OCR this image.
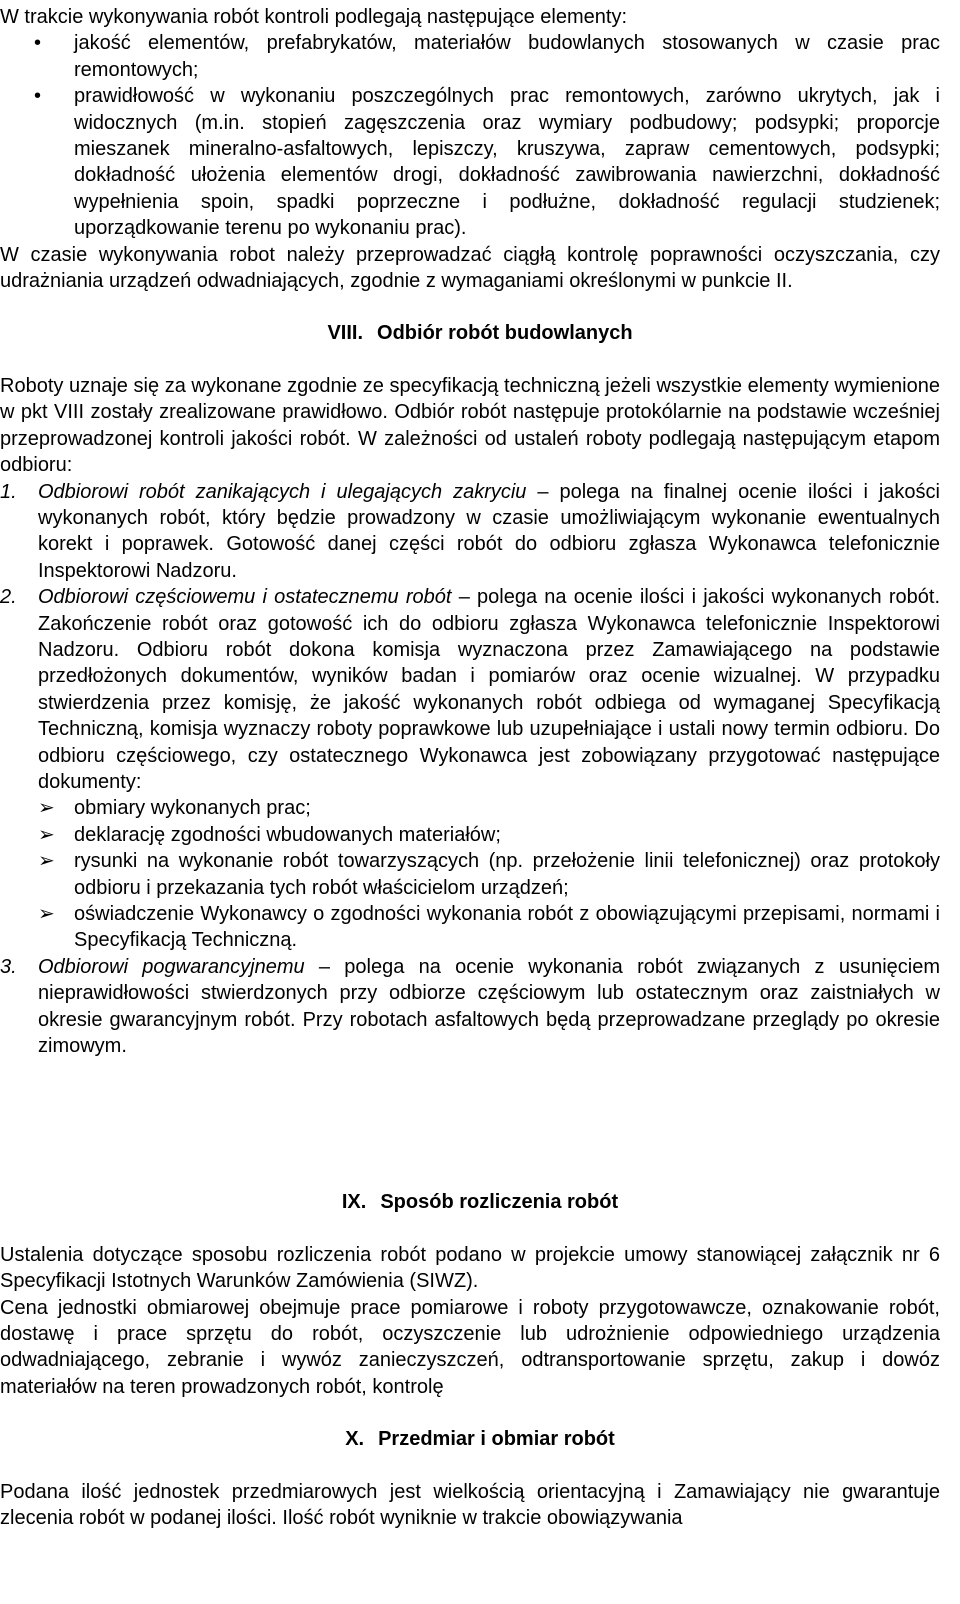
W trakcie wykonywania robót kontroli podlegają następujące elementy:

• jakość elementów, prefabrykatów, materiałów budowlanych stosowanych w czasie prac remontowych;
• prawidłowość w wykonaniu poszczególnych prac remontowych, zarówno ukrytych, jak i widocznych (m.in. stopień zagęszczenia oraz wymiary podbudowy; podsypki; proporcje mieszanek mineralno-asfaltowych, lepiszczy, kruszywa, zapraw cementowych, podsypki; dokładność ułożenia elementów drogi, dokładność zawibrowania nawierzchni, dokładność wypełnienia spoin, spadki poprzeczne i podłużne, dokładność regulacji studzienek; uporządkowanie terenu po wykonaniu prac).

W czasie wykonywania robot należy przeprowadzać ciągłą kontrolę poprawności oczyszczania, czy udrażniania urządzeń odwadniających, zgodnie z wymaganiami określonymi w punkcie II.

VIII. Odbiór robót budowlanych

Roboty uznaje się za wykonane zgodnie ze specyfikacją techniczną jeżeli wszystkie elementy wymienione w pkt VIII zostały zrealizowane prawidłowo. Odbiór robót następuje protokólarnie na podstawie wcześniej przeprowadzonej kontroli jakości robót. W zależności od ustaleń roboty podlegają następującym etapom odbioru:

1. Odbiorowi robót zanikających i ulegających zakryciu – polega na finalnej ocenie ilości i jakości wykonanych robót, który będzie prowadzony w czasie umożliwiającym wykonanie ewentualnych korekt i poprawek. Gotowość danej części robót do odbioru zgłasza Wykonawca telefonicznie Inspektorowi Nadzoru.
2. Odbiorowi częściowemu i ostatecznemu robót – polega na ocenie ilości i jakości wykonanych robót. Zakończenie robót oraz gotowość ich do odbioru zgłasza Wykonawca telefonicznie Inspektorowi Nadzoru. Odbioru robót dokona komisja wyznaczona przez Zamawiającego na podstawie przedłożonych dokumentów, wyników badan i pomiarów oraz ocenie wizualnej. W przypadku stwierdzenia przez komisję, że jakość wykonanych robót odbiega od wymaganej Specyfikacją Techniczną, komisja wyznaczy roboty poprawkowe lub uzupełniające i ustali nowy termin odbioru. Do odbioru częściowego, czy ostatecznego Wykonawca jest zobowiązany przygotować następujące dokumenty:
➢ obmiary wykonanych prac;
➢ deklarację zgodności wbudowanych materiałów;
➢ rysunki na wykonanie robót towarzyszących (np. przełożenie linii telefonicznej) oraz protokoły odbioru i przekazania tych robót właścicielom urządzeń;
➢ oświadczenie Wykonawcy o zgodności wykonania robót z obowiązującymi przepisami, normami i Specyfikacją Techniczną.
3. Odbiorowi pogwarancyjnemu – polega na ocenie wykonania robót związanych z usunięciem nieprawidłowości stwierdzonych przy odbiorze częściowym lub ostatecznym oraz zaistniałych w okresie gwarancyjnym robót. Przy robotach asfaltowych będą przeprowadzane przeglądy po okresie zimowym.
IX. Sposób rozliczenia robót

Ustalenia dotyczące sposobu rozliczenia robót podano w projekcie umowy stanowiącej załącznik nr 6 Specyfikacji Istotnych Warunków Zamówienia (SIWZ).

Cena jednostki obmiarowej obejmuje prace pomiarowe i roboty przygotowawcze, oznakowanie robót, dostawę i prace sprzętu do robót, oczyszczenie lub udrożnienie odpowiedniego urządzenia odwadniającego, zebranie i wywóz zanieczyszczeń, odtransportowanie sprzętu, zakup i dowóz materiałów na teren prowadzonych robót, kontrolę

X. Przedmiar i obmiar robót

Podana ilość jednostek przedmiarowych jest wielkością orientacyjną i Zamawiający nie gwarantuje zlecenia robót w podanej ilości. Ilość robót wyniknie w trakcie obowiązywania
